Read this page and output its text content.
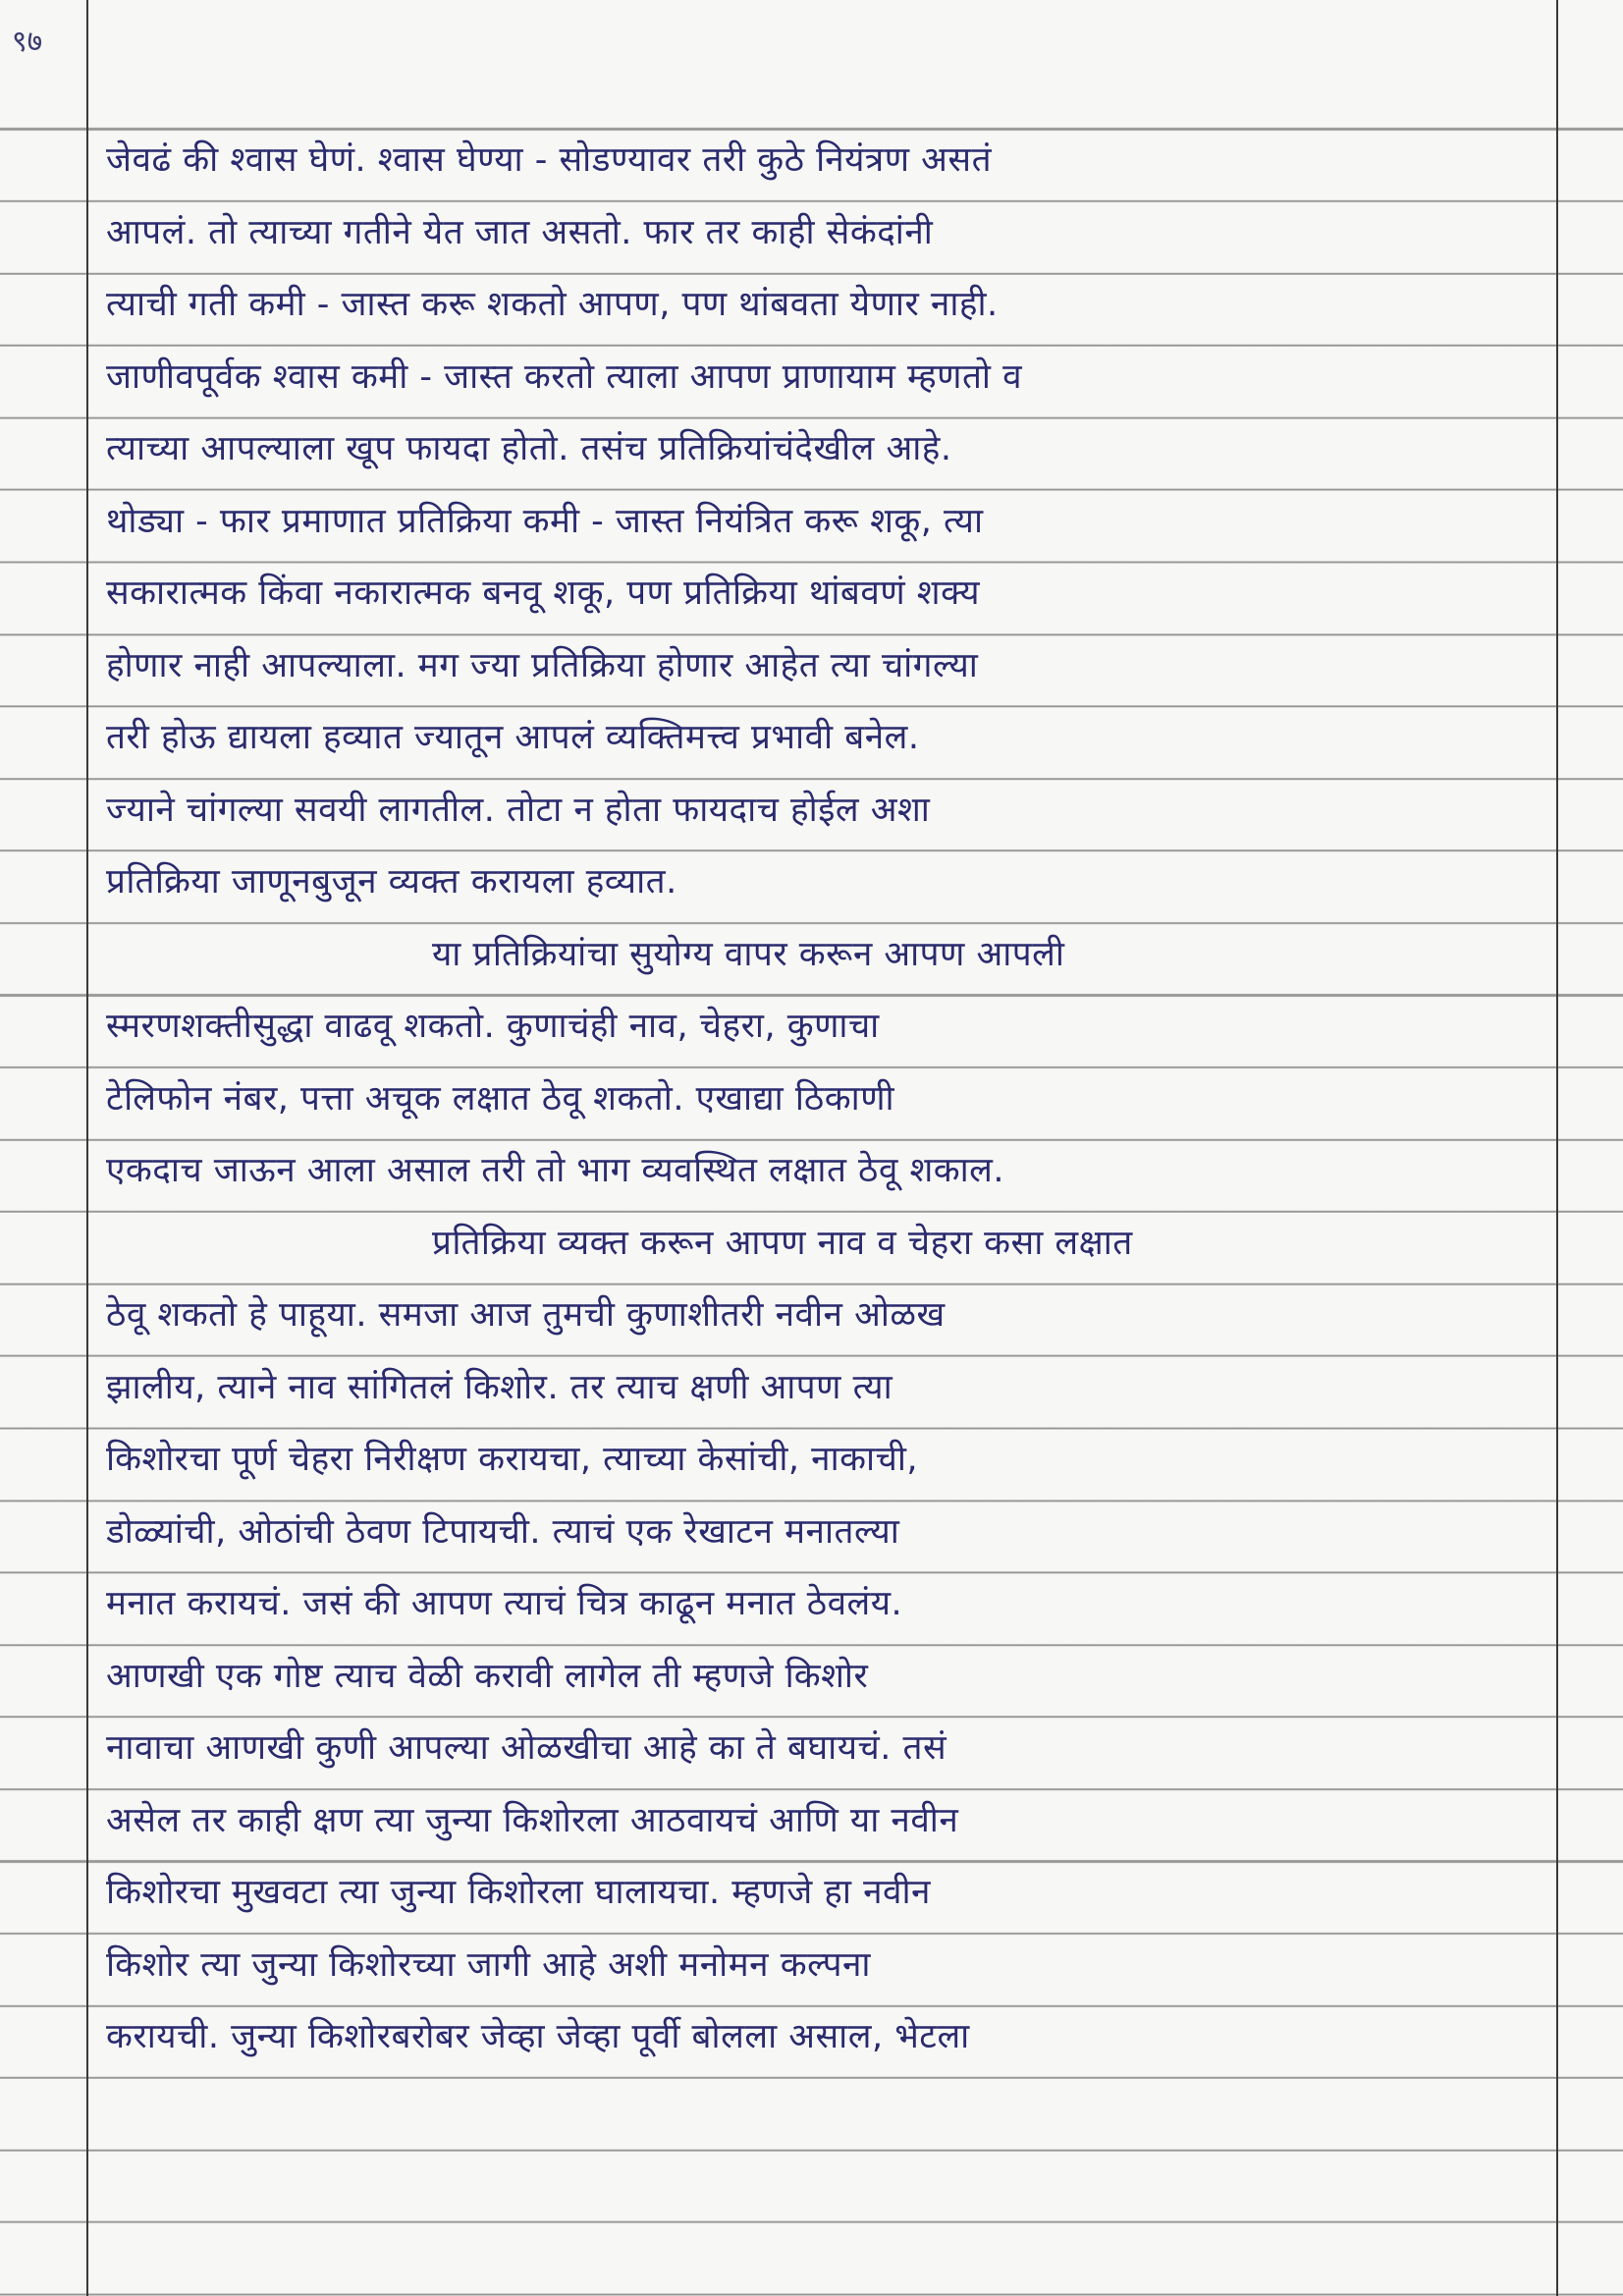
९७
जेवढं की श्वास घेणं. श्वास घेण्या - सोडण्यावर तरी कुठे नियंत्रण असतं
आपलं. तो त्याच्या गतीने येत जात असतो. फार तर काही सेकंदांनी
त्याची गती कमी - जास्त करू शकतो आपण, पण थांबवता येणार नाही.
जाणीवपूर्वक श्वास कमी - जास्त करतो त्याला आपण प्राणायाम म्हणतो व
त्याच्या आपल्याला खूप फायदा होतो. तसंच प्रतिक्रियांचंदेखील आहे.
थोड्या - फार प्रमाणात प्रतिक्रिया कमी - जास्त नियंत्रित करू शकू, त्या
सकारात्मक किंवा नकारात्मक बनवू शकू, पण प्रतिक्रिया थांबवणं शक्य
होणार नाही आपल्याला. मग ज्या प्रतिक्रिया होणार आहेत त्या चांगल्या
तरी होऊ द्यायला हव्यात ज्यातून आपलं व्यक्तिमत्त्व प्रभावी बनेल.
ज्याने चांगल्या सवयी लागतील. तोटा न होता फायदाच होईल अशा
प्रतिक्रिया जाणूनबुजून व्यक्त करायला हव्यात.
या प्रतिक्रियांचा सुयोग्य वापर करून आपण आपली
स्मरणशक्तीसुद्धा वाढवू शकतो. कुणाचंही नाव, चेहरा, कुणाचा
टेलिफोन नंबर, पत्ता अचूक लक्षात ठेवू शकतो. एखाद्या ठिकाणी
एकदाच जाऊन आला असाल तरी तो भाग व्यवस्थित लक्षात ठेवू शकाल.
प्रतिक्रिया व्यक्त करून आपण नाव व चेहरा कसा लक्षात
ठेवू शकतो हे पाहूया. समजा आज तुमची कुणाशीतरी नवीन ओळख
झालीय, त्याने नाव सांगितलं किशोर. तर त्याच क्षणी आपण त्या
किशोरचा पूर्ण चेहरा निरीक्षण करायचा, त्याच्या केसांची, नाकाची,
डोळ्यांची, ओठांची ठेवण टिपायची. त्याचं एक रेखाटन मनातल्या
मनात करायचं. जसं की आपण त्याचं चित्र काढून मनात ठेवलंय.
आणखी एक गोष्ट त्याच वेळी करावी लागेल ती म्हणजे किशोर
नावाचा आणखी कुणी आपल्या ओळखीचा आहे का ते बघायचं. तसं
असेल तर काही क्षण त्या जुन्या किशोरला आठवायचं आणि या नवीन
किशोरचा मुखवटा त्या जुन्या किशोरला घालायचा. म्हणजे हा नवीन
किशोर त्या जुन्या किशोरच्या जागी आहे अशी मनोमन कल्पना
करायची. जुन्या किशोरबरोबर जेव्हा जेव्हा पूर्वी बोलला असाल, भेटला
